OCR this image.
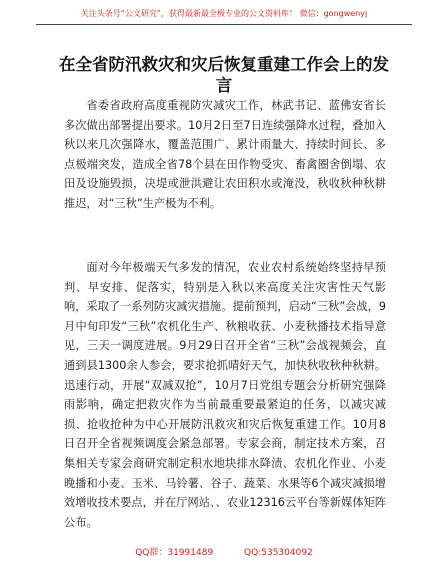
关注头条号“公文研究”，获得最新最全极专业的公文资料库！ 微信：gongwenyj
在全省防汛救灾和灾后恢复重建工作会上的发言

省委省政府高度重视防灾减灾工作，林武书记、蓝佛安省长多次做出部署提出要求。10月2日至7日连续强降水过程，叠加入秋以来几次强降水，覆盖范围广、累计雨量大、持续时间长、多点极端突发，造成全省78个县在田作物受灾、畜禽圈舍倒塌、农田及设施毁损，决堤或泄洪避让农田积水或淹没，秋收秋种秋耕推迟，对“三秋”生产极为不利。

面对今年极端天气多发的情况，农业农村系统始终坚持早预判、早安排、促落实，特别是入秋以来高度关注灾害性天气影响，采取了一系列防灾减灾措施。提前预判，启动“三秋”会战，9月中旬印发“三秋”农机化生产、秋粮收获、小麦秋播技术指导意见，三天一调度进展。9月29日召开全省“三秋”会战视频会，直通到县1300余人参会，要求抢抓晴好天气，加快秋收秋种秋耕。迅速行动，开展“双减双抢”，10月7日党组专题会分析研究强降雨影响，确定把救灾作为当前最重要最紧迫的任务，以减灾减损、抢收抢种为中心开展防汛救灾和灾后恢复重建工作。10月8日召开全省视频调度会紧急部署。专家会商，制定技术方案，召集相关专家会商研究制定积水地块排水降渍、农机化作业、小麦晚播和小麦、玉米、马铃薯、谷子、蔬菜、水果等6个减灾减损增效增收技术要点，并在厅网站、、农业12316云平台等新媒体矩阵公布。

QQ群：31991489	QQ:535304092
